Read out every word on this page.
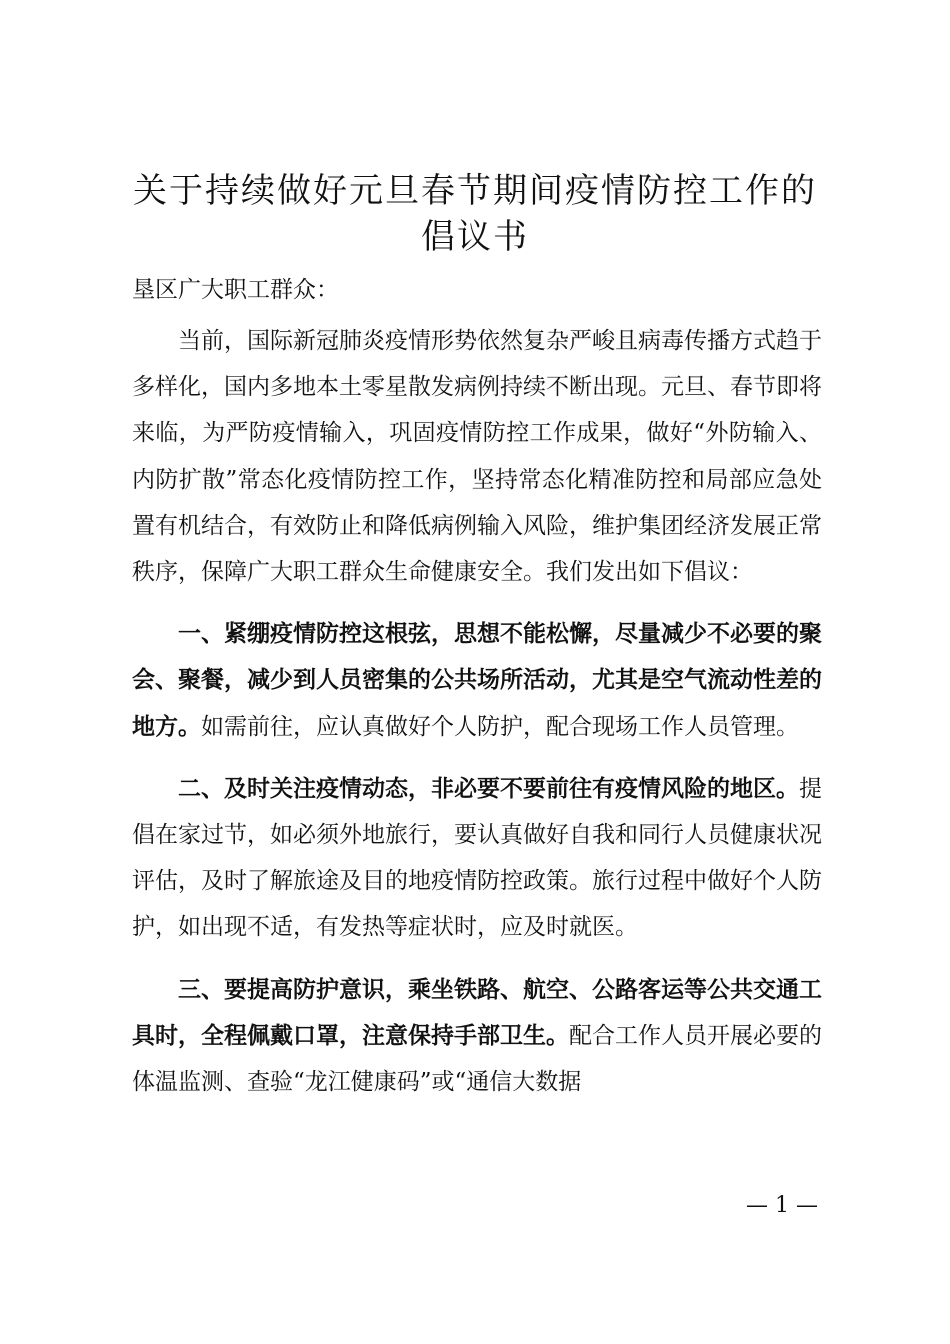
关于持续做好元旦春节期间疫情防控工作的倡议书

垦区广大职工群众：

当前，国际新冠肺炎疫情形势依然复杂严峻且病毒传播方式趋于多样化，国内多地本土零星散发病例持续不断出现。元旦、春节即将来临，为严防疫情输入，巩固疫情防控工作成果，做好“外防输入、内防扩散”常态化疫情防控工作，坚持常态化精准防控和局部应急处置有机结合，有效防止和降低病例输入风险，维护集团经济发展正常秩序，保障广大职工群众生命健康安全。我们发出如下倡议：

一、紧绷疫情防控这根弦，思想不能松懈，尽量减少不必要的聚会、聚餐，减少到人员密集的公共场所活动，尤其是空气流动性差的地方。如需前往，应认真做好个人防护，配合现场工作人员管理。

二、及时关注疫情动态，非必要不要前往有疫情风险的地区。提倡在家过节，如必须外地旅行，要认真做好自我和同行人员健康状况评估，及时了解旅途及目的地疫情防控政策。旅行过程中做好个人防护，如出现不适，有发热等症状时，应及时就医。

三、要提高防护意识，乘坐铁路、航空、公路客运等公共交通工具时，全程佩戴口罩，注意保持手部卫生。配合工作人员开展必要的体温监测、查验“龙江健康码”或“通信大数据

— 1 —
